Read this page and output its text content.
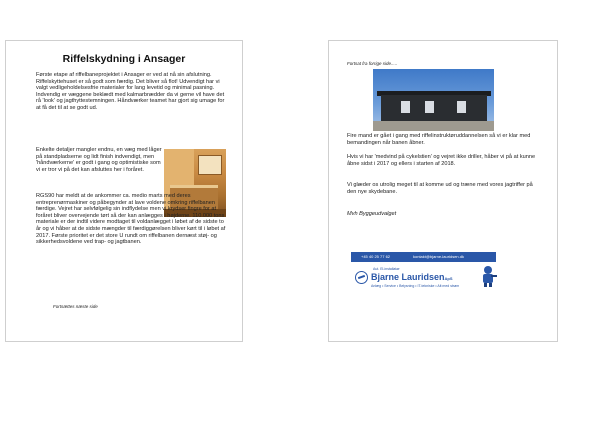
Riffelskydning i Ansager

Første etape af riffelbaneprojektet i Ansager er ved at nå sin afslutning. Riffelskyttehuset er så godt som færdig. Det bliver så flot! Udvendigt har vi valgt vedligeholdelsesfrie materialer for lang levetid og minimal pasning. Indvendig er væggene beklædt med kalmarbrædder da vi gerne vil have det rå 'look' og jagthyttestemningen. Håndværker teamet har gjort sig umage for at få det til at se godt ud.

Enkelte detaljer mangler endnu, en væg med låger på standpladserne og lidt finish indvendigt, men 'håndværkerne' er godt i gang og optimistiske som vi er tror vi på det kan afsluttes her i foråret.

RGS90 har meldt at de ankommer ca. medio marts med deres entreprenørmaskiner og påbegynder at lave voldene omkring riffelbanen færdige. Vejret har selvfølgelig sin indflydelse men vi krydser fingre for at foråret bliver overvejende tørt så der kan anlægges i højderne. 110.000 tons materiale er der indtil videre modtaget til voldanlægget i løbet af de sidste to år og vi håber at de sidste mængder til færdiggørelsen bliver kørt til i løbet af 2017. Første prioritet er det store U rundt om riffelbanen dernæst støj- og sikkerhedsvoldene ved trap- og jagtbanen.

Fortsættes næste side
Fortsat fra forrige side.....

Fire mand er gået i gang med riffelinstruktøruddannelsen så vi er klar med bemandingen når banen åbner.

Hvis vi har 'medvind på cykelstien' og vejret ikke driller, håber vi på at kunne åbne sidst i 2017 og ellers i starten af 2018.

Vi glæder os utrolig meget til at komme ud og træne med vores jagtriffer på den nye skydebane.

Mvh Byggeudvalget
+45 40 25 77 62	kontakt@bjarne-lauridsen.dk
Aut. El-installatør
Bjarne LauridsenApS
Anlæg • Service • Belysning • IT-tekniske • Alt med strøm
